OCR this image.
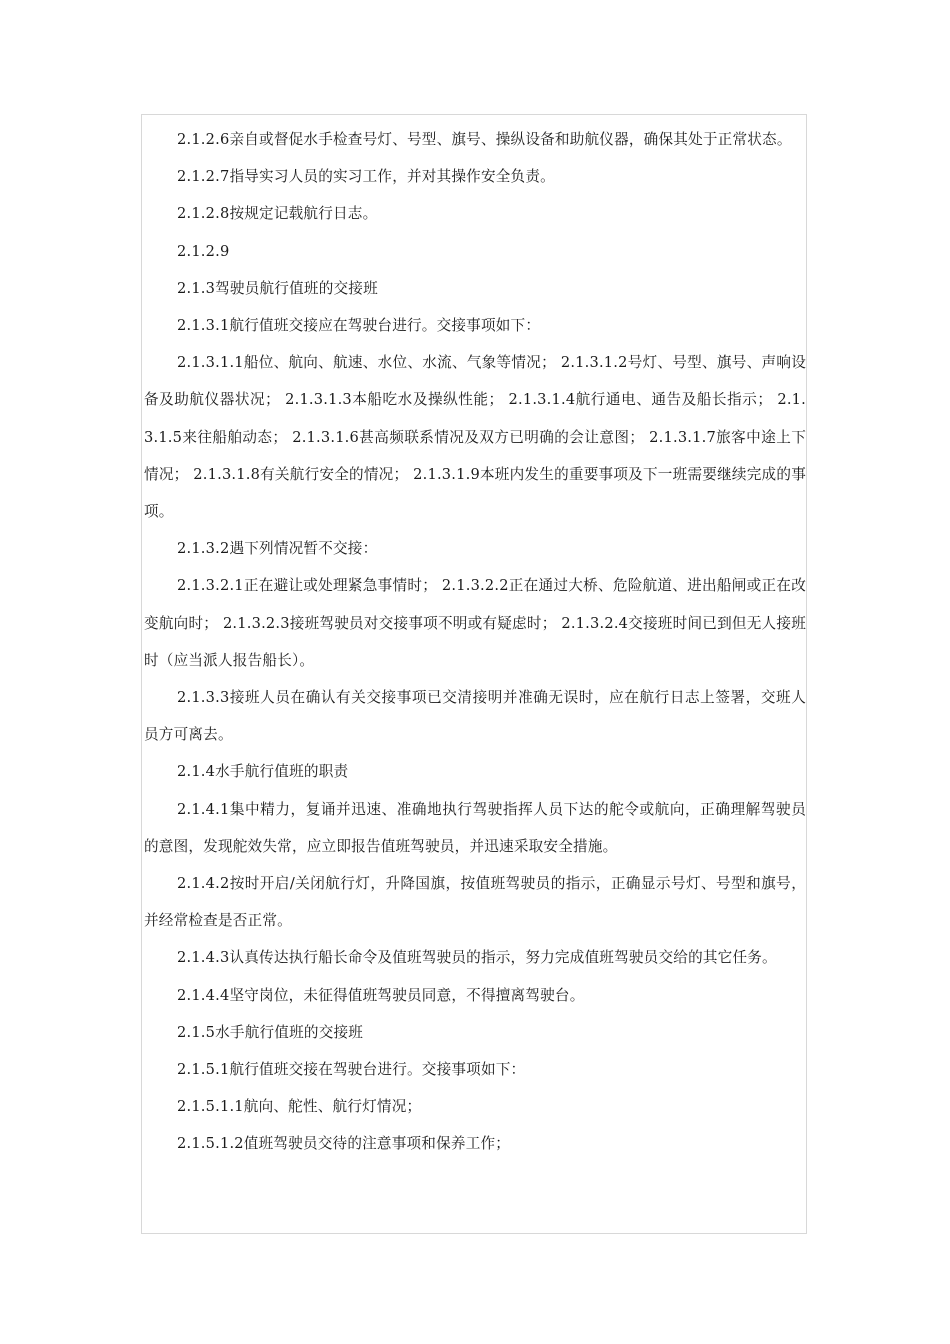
2.1.2.6亲自或督促水手检查号灯、号型、旗号、操纵设备和助航仪器，确保其处于正常状态。

2.1.2.7指导实习人员的实习工作，并对其操作安全负责。

2.1.2.8按规定记载航行日志。

2.1.2.9

2.1.3驾驶员航行值班的交接班

2.1.3.1航行值班交接应在驾驶台进行。交接事项如下：

2.1.3.1.1船位、航向、航速、水位、水流、气象等情况； 2.1.3.1.2号灯、号型、旗号、声响设备及助航仪器状况； 2.1.3.1.3本船吃水及操纵性能； 2.1.3.1.4航行通电、通告及船长指示； 2.1.3.1.5来往船舶动态； 2.1.3.1.6甚高频联系情况及双方已明确的会让意图； 2.1.3.1.7旅客中途上下情况； 2.1.3.1.8有关航行安全的情况； 2.1.3.1.9本班内发生的重要事项及下一班需要继续完成的事项。

2.1.3.2遇下列情况暂不交接：

2.1.3.2.1正在避让或处理紧急事情时； 2.1.3.2.2正在通过大桥、危险航道、进出船闸或正在改变航向时； 2.1.3.2.3接班驾驶员对交接事项不明或有疑虑时； 2.1.3.2.4交接班时间已到但无人接班时（应当派人报告船长）。

2.1.3.3接班人员在确认有关交接事项已交清接明并准确无误时，应在航行日志上签署，交班人员方可离去。

2.1.4水手航行值班的职责

2.1.4.1集中精力，复诵并迅速、准确地执行驾驶指挥人员下达的舵令或航向，正确理解驾驶员的意图，发现舵效失常，应立即报告值班驾驶员，并迅速采取安全措施。

2.1.4.2按时开启/关闭航行灯，升降国旗，按值班驾驶员的指示，正确显示号灯、号型和旗号，并经常检查是否正常。

2.1.4.3认真传达执行船长命令及值班驾驶员的指示，努力完成值班驾驶员交给的其它任务。

2.1.4.4坚守岗位，未征得值班驾驶员同意，不得擅离驾驶台。

2.1.5水手航行值班的交接班

2.1.5.1航行值班交接在驾驶台进行。交接事项如下：

2.1.5.1.1航向、舵性、航行灯情况；

2.1.5.1.2值班驾驶员交待的注意事项和保养工作；
